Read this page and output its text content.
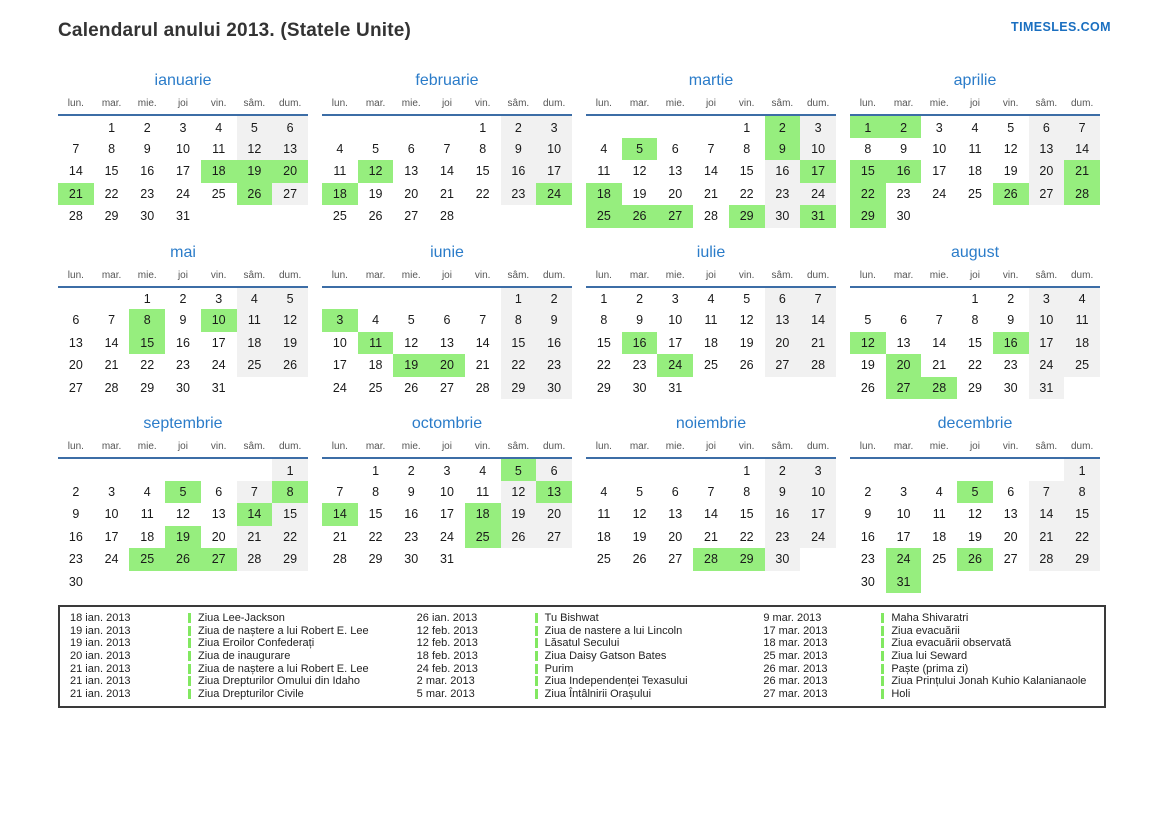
Calendarul anului 2013. (Statele Unite)	TIMESLES.COM
ianuarie
lun.	mar.	mie.	joi	vin.	sâm.	dum.
	1	2	3	4	5	6
7	8	9	10	11	12	13
14	15	16	17	18	19	20
21	22	23	24	25	26	27
28	29	30	31			
februarie
lun.	mar.	mie.	joi	vin.	sâm.	dum.
				1	2	3
4	5	6	7	8	9	10
11	12	13	14	15	16	17
18	19	20	21	22	23	24
25	26	27	28			
martie
lun.	mar.	mie.	joi	vin.	sâm.	dum.
				1	2	3
4	5	6	7	8	9	10
11	12	13	14	15	16	17
18	19	20	21	22	23	24
25	26	27	28	29	30	31
aprilie
lun.	mar.	mie.	joi	vin.	sâm.	dum.
1	2	3	4	5	6	7
8	9	10	11	12	13	14
15	16	17	18	19	20	21
22	23	24	25	26	27	28
29	30					
mai
lun.	mar.	mie.	joi	vin.	sâm.	dum.
		1	2	3	4	5
6	7	8	9	10	11	12
13	14	15	16	17	18	19
20	21	22	23	24	25	26
27	28	29	30	31		
iunie
lun.	mar.	mie.	joi	vin.	sâm.	dum.
					1	2
3	4	5	6	7	8	9
10	11	12	13	14	15	16
17	18	19	20	21	22	23
24	25	26	27	28	29	30
iulie
lun.	mar.	mie.	joi	vin.	sâm.	dum.
1	2	3	4	5	6	7
8	9	10	11	12	13	14
15	16	17	18	19	20	21
22	23	24	25	26	27	28
29	30	31				
august
lun.	mar.	mie.	joi	vin.	sâm.	dum.
			1	2	3	4
5	6	7	8	9	10	11
12	13	14	15	16	17	18
19	20	21	22	23	24	25
26	27	28	29	30	31	
septembrie
lun.	mar.	mie.	joi	vin.	sâm.	dum.
						1
2	3	4	5	6	7	8
9	10	11	12	13	14	15
16	17	18	19	20	21	22
23	24	25	26	27	28	29
30						
octombrie
lun.	mar.	mie.	joi	vin.	sâm.	dum.
	1	2	3	4	5	6
7	8	9	10	11	12	13
14	15	16	17	18	19	20
21	22	23	24	25	26	27
28	29	30	31			
noiembrie
lun.	mar.	mie.	joi	vin.	sâm.	dum.
				1	2	3
4	5	6	7	8	9	10
11	12	13	14	15	16	17
18	19	20	21	22	23	24
25	26	27	28	29	30	
decembrie
lun.	mar.	mie.	joi	vin.	sâm.	dum.
						1
2	3	4	5	6	7	8
9	10	11	12	13	14	15
16	17	18	19	20	21	22
23	24	25	26	27	28	29
30	31					
18 ian. 2013	Ziua Lee-Jackson
19 ian. 2013	Ziua de naștere a lui Robert E. Lee
19 ian. 2013	Ziua Eroilor Confederați
20 ian. 2013	Ziua de inaugurare
21 ian. 2013	Ziua de naștere a lui Robert E. Lee
21 ian. 2013	Ziua Drepturilor Omului din Idaho
21 ian. 2013	Ziua Drepturilor Civile
26 ian. 2013	Tu Bishwat
12 feb. 2013	Ziua de nastere a lui Lincoln
12 feb. 2013	Lăsatul Secului
18 feb. 2013	Ziua Daisy Gatson Bates
24 feb. 2013	Purim
2 mar. 2013	Ziua Independenței Texasului
5 mar. 2013	Ziua Întâlnirii Orașului
9 mar. 2013	Maha Shivaratri
17 mar. 2013	Ziua evacuării
18 mar. 2013	Ziua evacuării observată
25 mar. 2013	Ziua lui Seward
26 mar. 2013	Paște (prima zi)
26 mar. 2013	Ziua Prințului Jonah Kuhio Kalanianaole
27 mar. 2013	Holi
